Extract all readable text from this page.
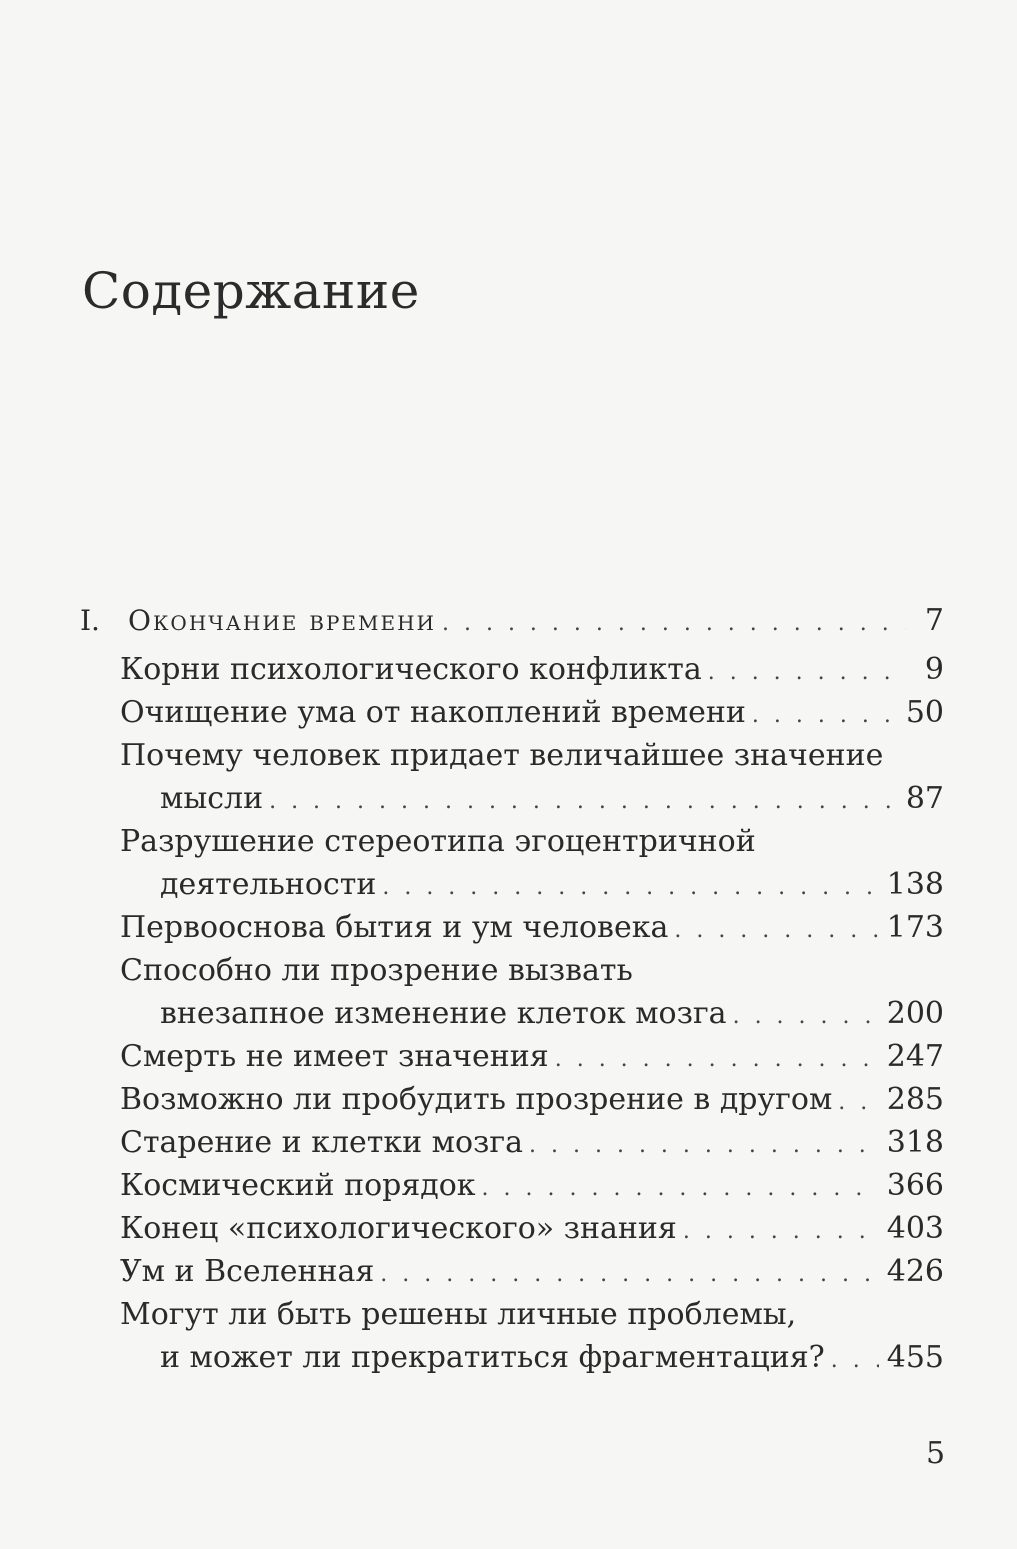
Содержание
I. Окончание времени . . .	7
Корни психологического конфликта . . .	9
Очищение ума от накоплений времени . . .	50
Почему человек придает величайшее значение
мысли . . .	87
Разрушение стереотипа эгоцентричной
деятельности . . .	138
Первооснова бытия и ум человека . . .	173
Способно ли прозрение вызвать
внезапное изменение клеток мозга . . .	200
Смерть не имеет значения . . .	247
Возможно ли пробудить прозрение в другом . . . 285
Старение и клетки мозга . . .	318
Космический порядок . . .	366
Конец «психологического» знания . . .	403
Ум и Вселенная . . .	426
Могут ли быть решены личные проблемы,
и может ли прекратиться фрагментация? . . . 455
5
